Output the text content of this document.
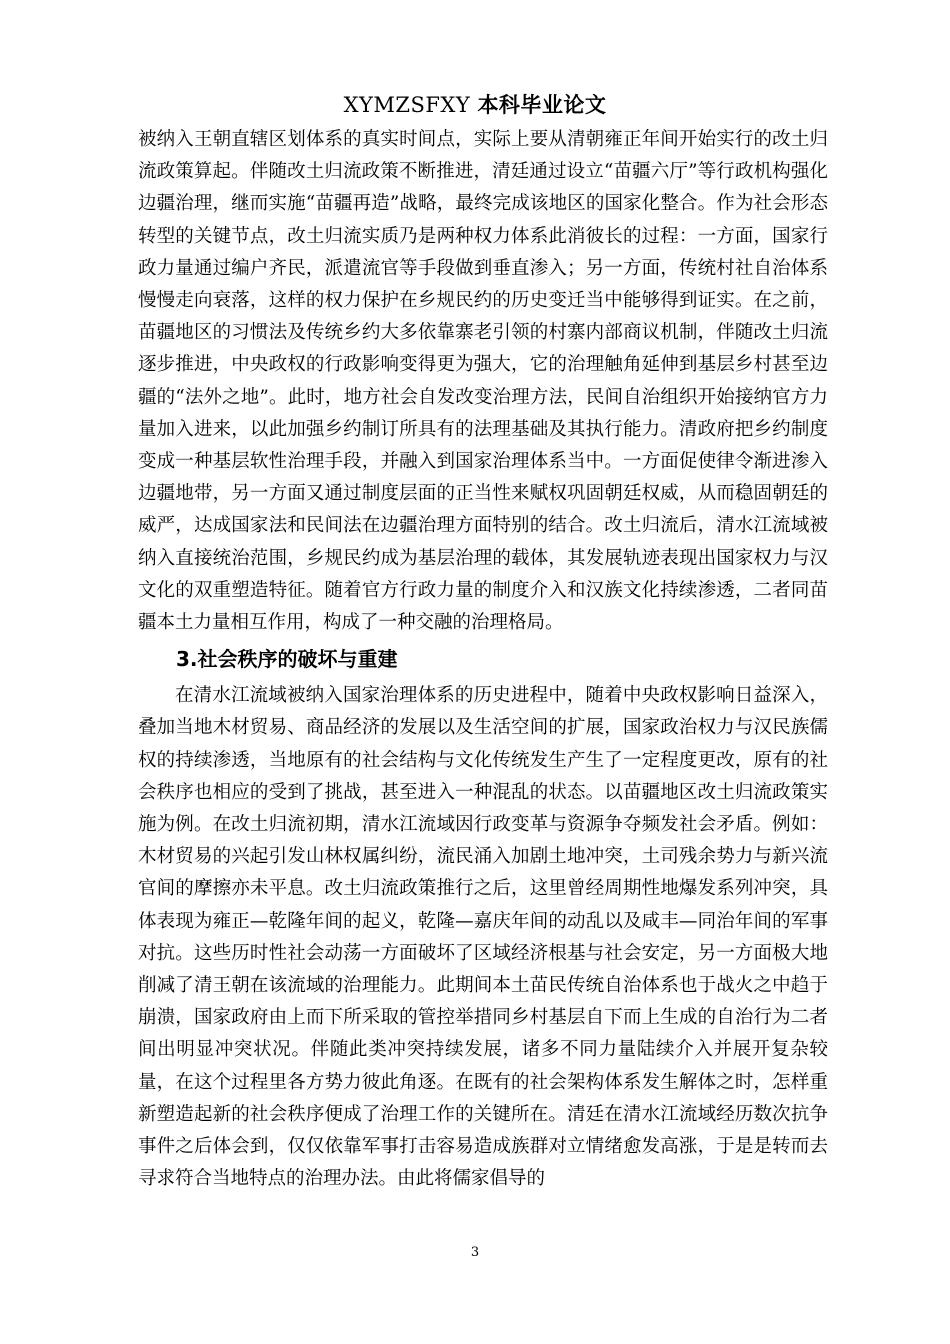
XYMZSFXY 本科毕业论文

被纳入王朝直辖区划体系的真实时间点，实际上要从清朝雍正年间开始实行的改土归流政策算起。伴随改土归流政策不断推进，清廷通过设立“苗疆六厅”等行政机构强化边疆治理，继而实施“苗疆再造”战略，最终完成该地区的国家化整合。作为社会形态转型的关键节点，改土归流实质乃是两种权力体系此消彼长的过程：一方面，国家行政力量通过编户齐民，派遣流官等手段做到垂直渗入；另一方面，传统村社自治体系慢慢走向衰落，这样的权力保护在乡规民约的历史变迁当中能够得到证实。在之前，苗疆地区的习惯法及传统乡约大多依靠寨老引领的村寨内部商议机制，伴随改土归流逐步推进，中央政权的行政影响变得更为强大，它的治理触角延伸到基层乡村甚至边疆的“法外之地”。此时，地方社会自发改变治理方法，民间自治组织开始接纳官方力量加入进来，以此加强乡约制订所具有的法理基础及其执行能力。清政府把乡约制度变成一种基层软性治理手段，并融入到国家治理体系当中。一方面促使律令渐进渗入边疆地带，另一方面又通过制度层面的正当性来赋权巩固朝廷权威，从而稳固朝廷的威严，达成国家法和民间法在边疆治理方面特别的结合。改土归流后，清水江流域被纳入直接统治范围，乡规民约成为基层治理的载体，其发展轨迹表现出国家权力与汉文化的双重塑造特征。随着官方行政力量的制度介入和汉族文化持续渗透，二者同苗疆本土力量相互作用，构成了一种交融的治理格局。

3.社会秩序的破坏与重建

在清水江流域被纳入国家治理体系的历史进程中，随着中央政权影响日益深入，叠加当地木材贸易、商品经济的发展以及生活空间的扩展，国家政治权力与汉民族儒权的持续渗透，当地原有的社会结构与文化传统发生产生了一定程度更改，原有的社会秩序也相应的受到了挑战，甚至进入一种混乱的状态。以苗疆地区改土归流政策实施为例。在改土归流初期，清水江流域因行政变革与资源争夺频发社会矛盾。例如：木材贸易的兴起引发山林权属纠纷，流民涌入加剧土地冲突，土司残余势力与新兴流官间的摩擦亦未平息。改土归流政策推行之后，这里曾经周期性地爆发系列冲突，具体表现为雍正—乾隆年间的起义，乾隆—嘉庆年间的动乱以及咸丰—同治年间的军事对抗。这些历时性社会动荡一方面破坏了区域经济根基与社会安定，另一方面极大地削减了清王朝在该流域的治理能力。此期间本土苗民传统自治体系也于战火之中趋于崩溃，国家政府由上而下所采取的管控举措同乡村基层自下而上生成的自治行为二者间出明显冲突状况。伴随此类冲突持续发展，诸多不同力量陆续介入并展开复杂较量，在这个过程里各方势力彼此角逐。在既有的社会架构体系发生解体之时，怎样重新塑造起新的社会秩序便成了治理工作的关键所在。清廷在清水江流域经历数次抗争事件之后体会到，仅仅依靠军事打击容易造成族群对立情绪愈发高涨，于是是转而去寻求符合当地特点的治理办法。由此将儒家倡导的

3
